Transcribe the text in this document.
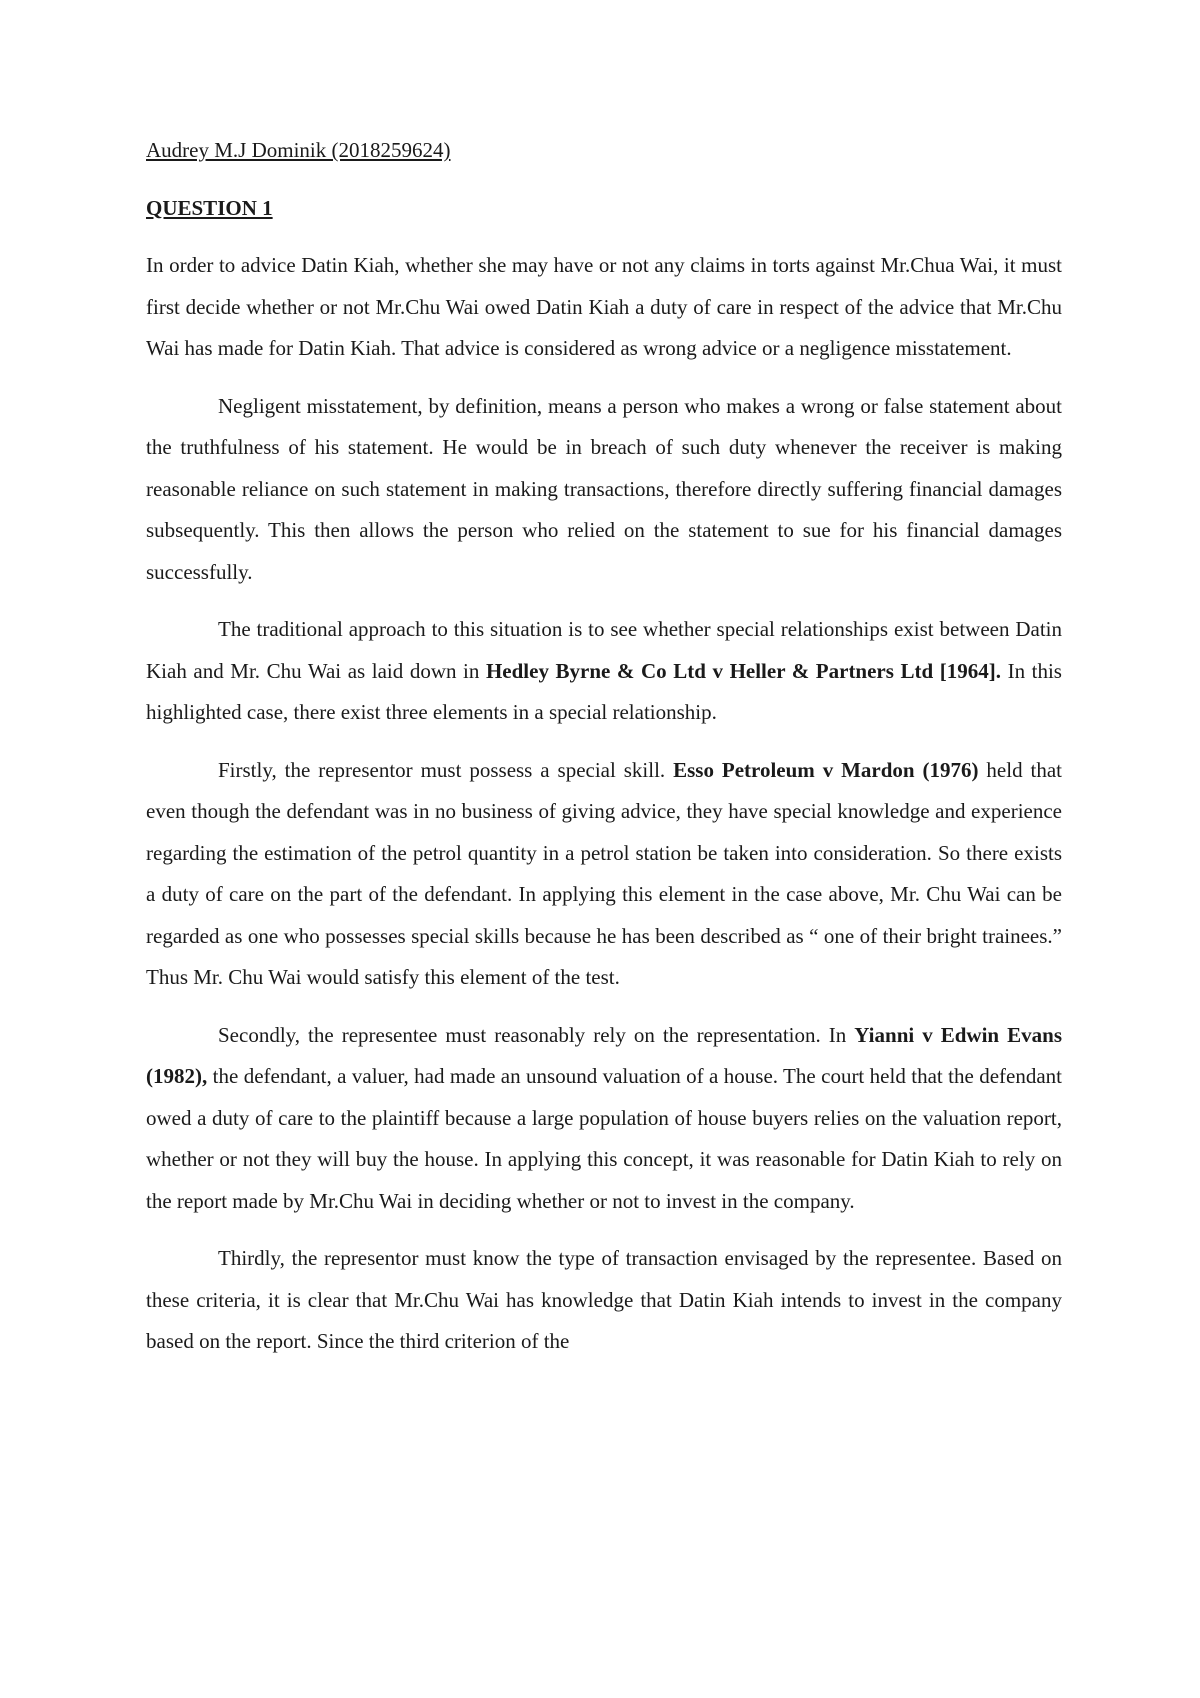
Audrey M.J Dominik (2018259624)
QUESTION 1

In order to advice Datin Kiah, whether she may have or not any claims in torts against Mr.Chua Wai, it must first decide whether or not Mr.Chu Wai owed Datin Kiah a duty of care in respect of the advice that Mr.Chu Wai has made for Datin Kiah. That advice is considered as wrong advice or a negligence misstatement.

Negligent misstatement, by definition, means a person who makes a wrong or false statement about the truthfulness of his statement. He would be in breach of such duty whenever the receiver is making reasonable reliance on such statement in making transactions, therefore directly suffering financial damages subsequently. This then allows the person who relied on the statement to sue for his financial damages successfully.

The traditional approach to this situation is to see whether special relationships exist between Datin Kiah and Mr. Chu Wai as laid down in Hedley Byrne & Co Ltd v Heller & Partners Ltd [1964]. In this highlighted case, there exist three elements in a special relationship.

Firstly, the representor must possess a special skill. Esso Petroleum v Mardon (1976) held that even though the defendant was in no business of giving advice, they have special knowledge and experience regarding the estimation of the petrol quantity in a petrol station be taken into consideration. So there exists a duty of care on the part of the defendant. In applying this element in the case above, Mr. Chu Wai can be regarded as one who possesses special skills because he has been described as “ one of their bright trainees.” Thus Mr. Chu Wai would satisfy this element of the test.

Secondly, the representee must reasonably rely on the representation. In Yianni v Edwin Evans (1982), the defendant, a valuer, had made an unsound valuation of a house. The court held that the defendant owed a duty of care to the plaintiff because a large population of house buyers relies on the valuation report, whether or not they will buy the house. In applying this concept, it was reasonable for Datin Kiah to rely on the report made by Mr.Chu Wai in deciding whether or not to invest in the company.

Thirdly, the representor must know the type of transaction envisaged by the representee. Based on these criteria, it is clear that Mr.Chu Wai has knowledge that Datin Kiah intends to invest in the company based on the report. Since the third criterion of the
